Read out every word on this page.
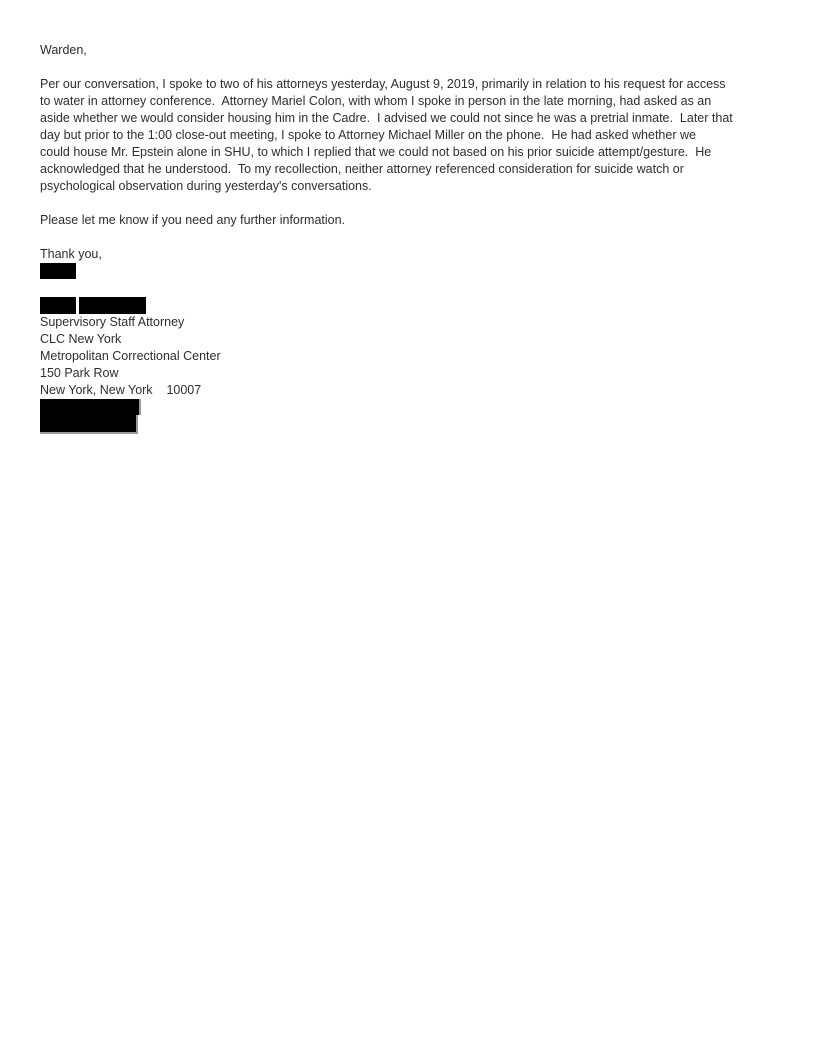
Warden,
Per our conversation, I spoke to two of his attorneys yesterday, August 9, 2019, primarily in relation to his request for access
to water in attorney conference.  Attorney Mariel Colon, with whom I spoke in person in the late morning, had asked as an
aside whether we would consider housing him in the Cadre.  I advised we could not since he was a pretrial inmate.  Later that
day but prior to the 1:00 close-out meeting, I spoke to Attorney Michael Miller on the phone.  He had asked whether we
could house Mr. Epstein alone in SHU, to which I replied that we could not based on his prior suicide attempt/gesture.  He
acknowledged that he understood.  To my recollection, neither attorney referenced consideration for suicide watch or
psychological observation during yesterday's conversations.
Please let me know if you need any further information.
Thank you,
Supervisory Staff Attorney
CLC New York
Metropolitan Correctional Center
150 Park Row
New York, New York    10007
